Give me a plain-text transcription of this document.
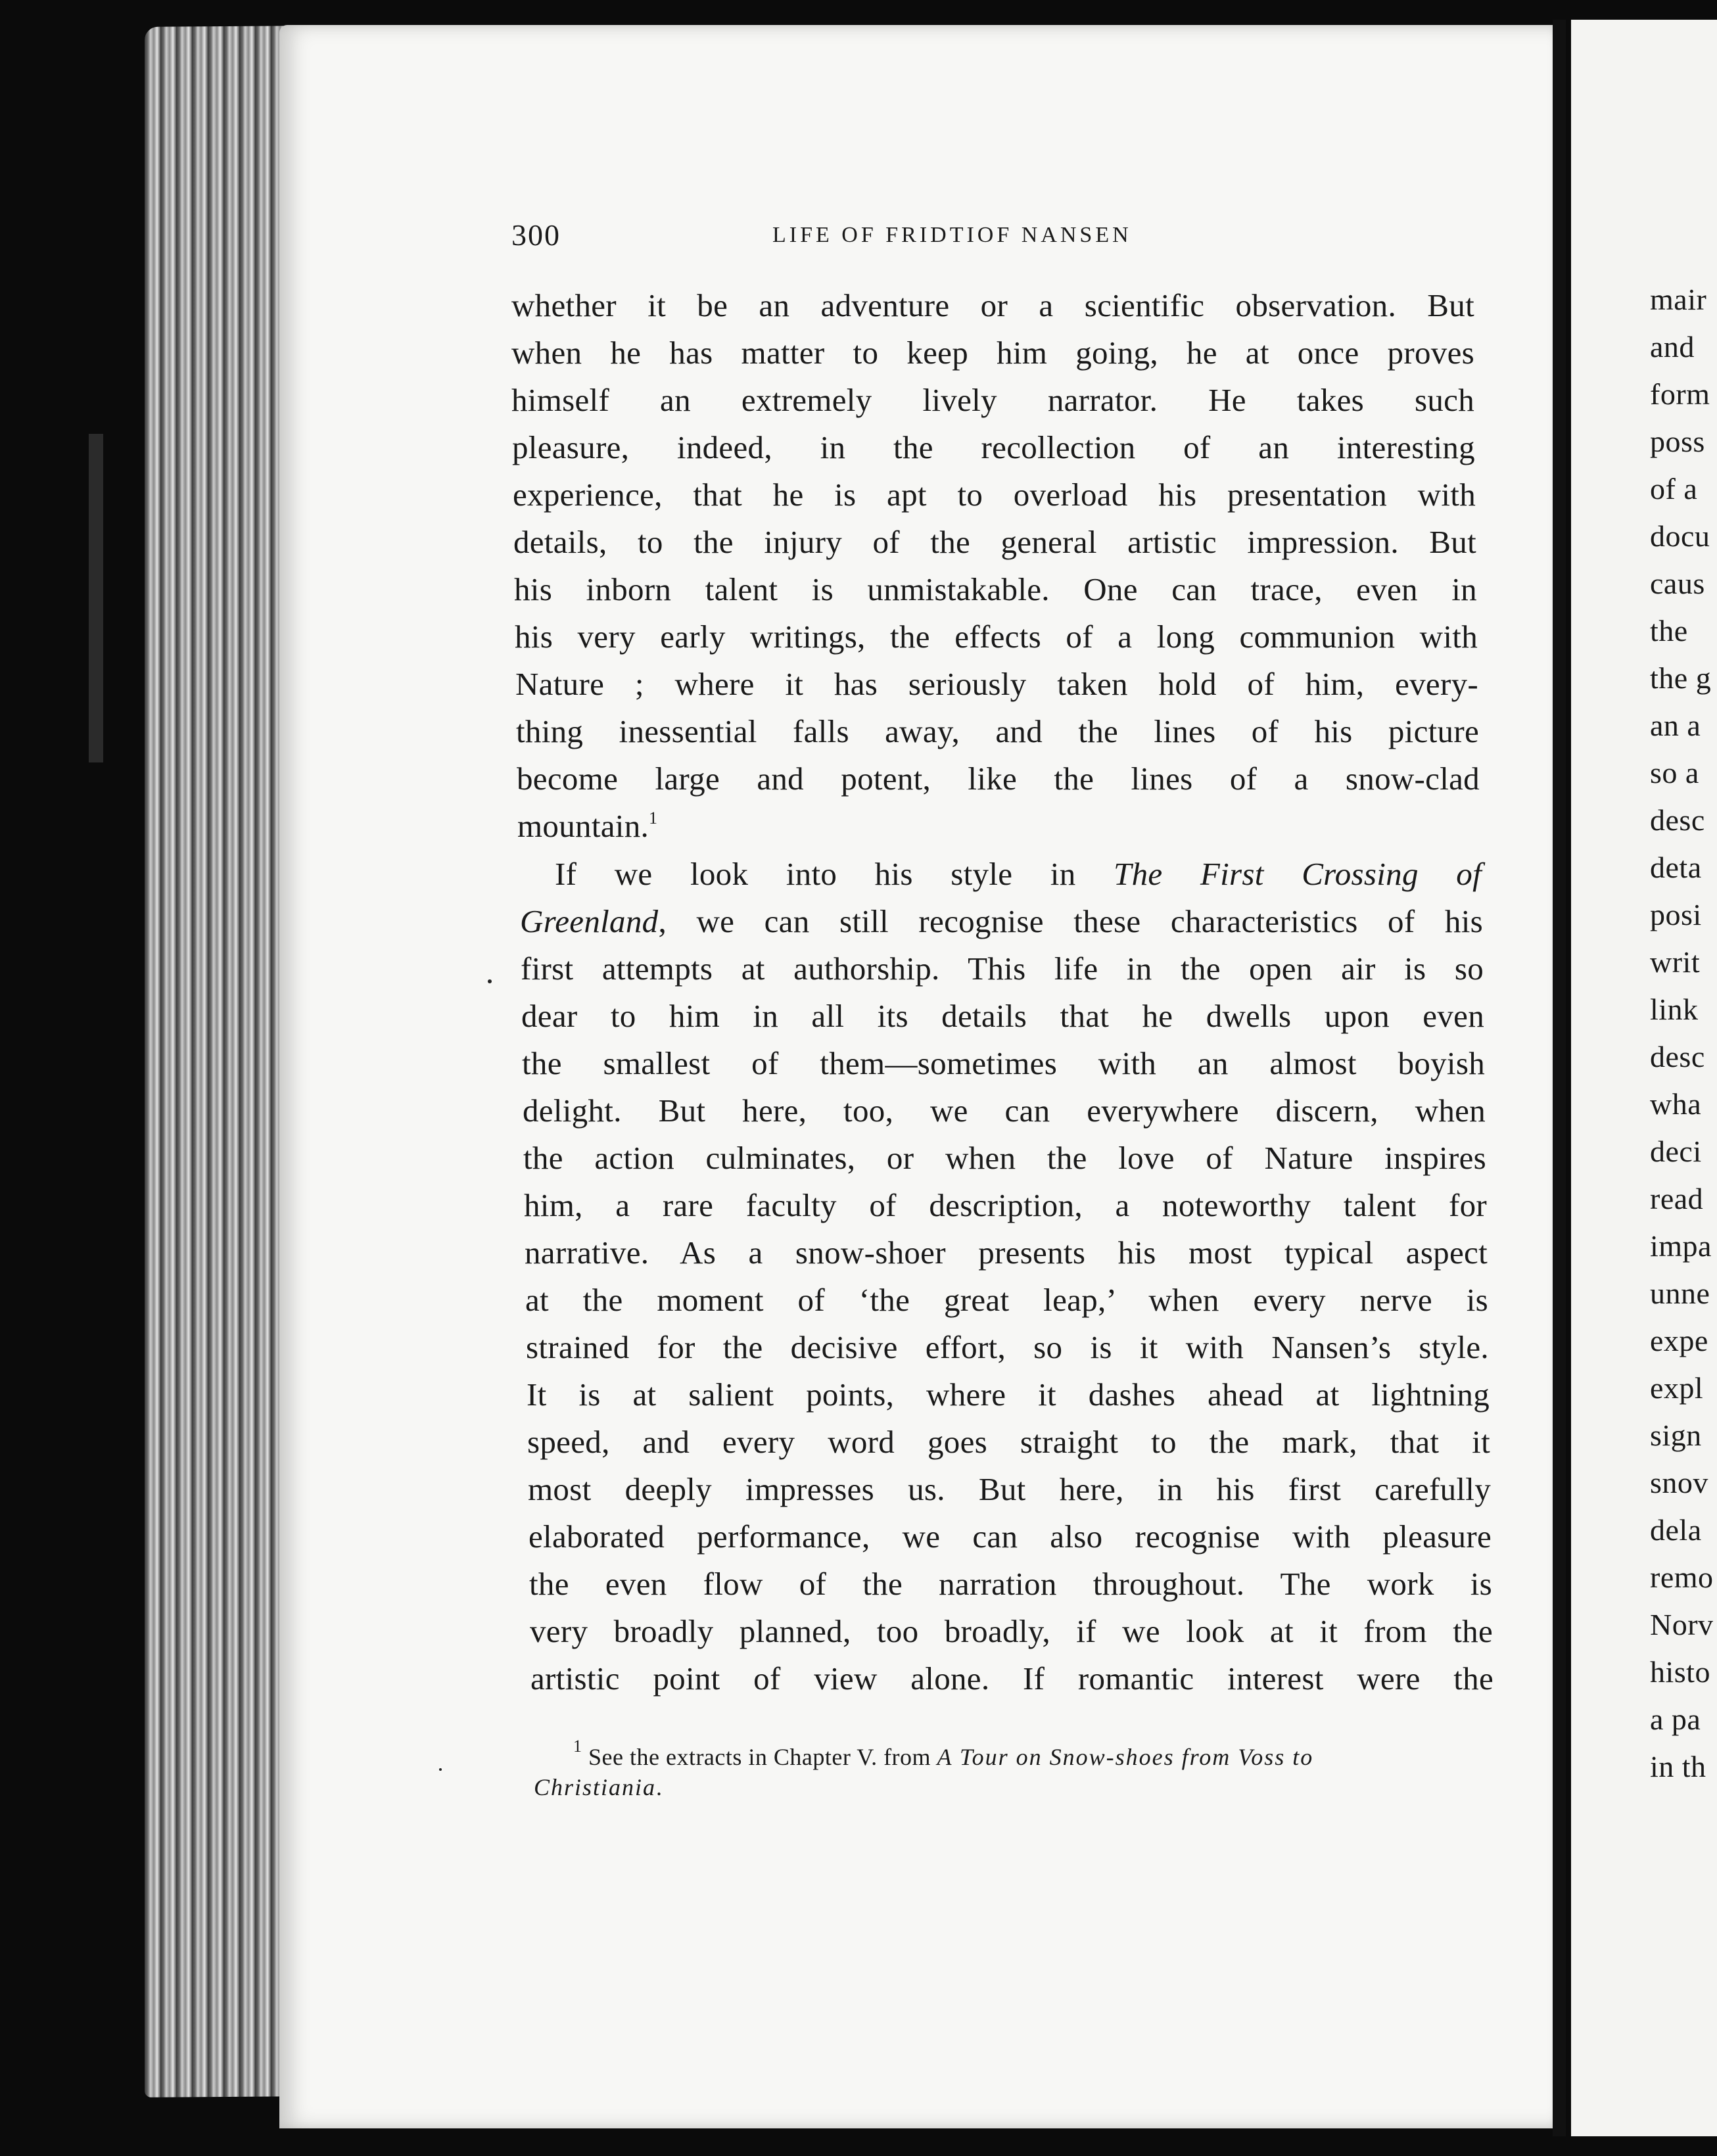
mair
and
form
poss
of a
docu
caus
the
the g
an a
so a
desc
deta
posi
writ
link
desc
wha
deci
read
impa
unne
expe
expl
sign
snov
dela
remo
Norv
histo
a pa
in th
300	LIFE OF FRIDTIOF NANSEN
whether it be an adventure or a scientific observation. But
when he has matter to keep him going, he at once proves
himself an extremely lively narrator. He takes such
pleasure, indeed, in the recollection of an interesting
experience, that he is apt to overload his presentation with
details, to the injury of the general artistic impression. But
his inborn talent is unmistakable. One can trace, even in
his very early writings, the effects of a long communion with
Nature ; where it has seriously taken hold of him, every-
thing inessential falls away, and the lines of his picture
become large and potent, like the lines of a snow-clad
mountain.$^1$
If we look into his style in The First Crossing of
Greenland, we can still recognise these characteristics of his
first attempts at authorship. This life in the open air is so
dear to him in all its details that he dwells upon even
the smallest of them—sometimes with an almost boyish
delight. But here, too, we can everywhere discern, when
the action culminates, or when the love of Nature inspires
him, a rare faculty of description, a noteworthy talent for
narrative. As a snow-shoer presents his most typical aspect
at the moment of ‘the great leap,’ when every nerve is
strained for the decisive effort, so is it with Nansen’s style.
It is at salient points, where it dashes ahead at lightning
speed, and every word goes straight to the mark, that it
most deeply impresses us. But here, in his first carefully
elaborated performance, we can also recognise with pleasure
the even flow of the narration throughout. The work is
very broadly planned, too broadly, if we look at it from the
artistic point of view alone. If romantic interest were the
$^1$ See the extracts in Chapter V. from A Tour on Snow-shoes from Voss to
Christiania.
